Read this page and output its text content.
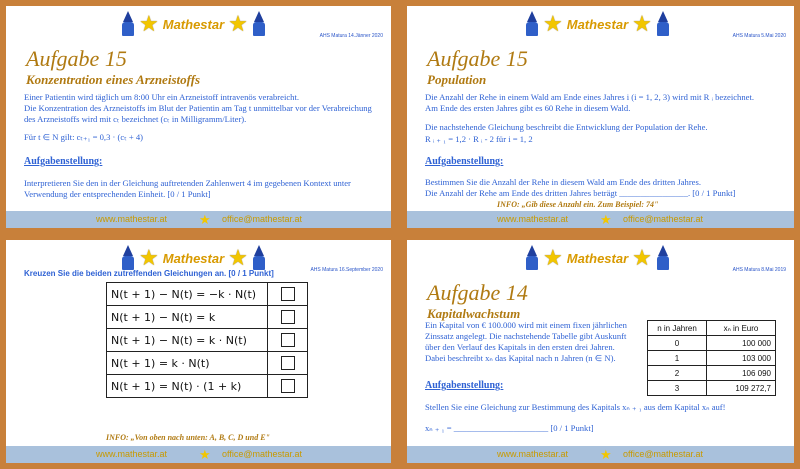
★ Mathestar ★	AHS Matura 14.Jänner 2020
Aufgabe 15
Konzentration eines Arzneistoffs
Einer Patientin wird täglich um 8:00 Uhr ein Arzneistoff intravenös verabreicht.
Die Konzentration des Arzneistoffs im Blut der Patientin am Tag t unmittelbar vor der Verabreichung des Arzneistoffs wird mit cₜ bezeichnet (cₜ in Milligramm/Liter).
Für t ∈ N gilt: cₜ₊₁ = 0,3 · (cₜ + 4)
Aufgabenstellung:
Interpretieren Sie den in der Gleichung auftretenden Zahlenwert 4 im gegebenen Kontext unter Verwendung der entsprechenden Einheit. [0 / 1 Punkt]
www.mathestar.at ★ office@mathestar.at
★ Mathestar ★	AHS Matura 5.Mai 2020
Aufgabe 15
Population
Die Anzahl der Rehe in einem Wald am Ende eines Jahres i (i = 1, 2, 3) wird mit R ᵢ bezeichnet.
Am Ende des ersten Jahres gibt es 60 Rehe in diesem Wald.
Die nachstehende Gleichung beschreibt die Entwicklung der Population der Rehe.
R ᵢ ₊ ₁ = 1,2 · R ᵢ - 2 für i = 1, 2
Aufgabenstellung:
Bestimmen Sie die Anzahl der Rehe in diesem Wald am Ende des dritten Jahres.
Die Anzahl der Rehe am Ende des dritten Jahres beträgt ________________. [0 / 1 Punkt]
INFO: „Gib diese Anzahl ein. Zum Beispiel: 74"
www.mathestar.at ★ office@mathestar.at
★ Mathestar ★	AHS Matura 16.September 2020
Kreuzen Sie die beiden zutreffenden Gleichungen an. [0 / 1 Punkt]
N(t + 1) − N(t) = −k · N(t)	
N(t + 1) − N(t) = k	
N(t + 1) − N(t) = k · N(t)	
N(t + 1) = k · N(t)	
N(t + 1) = N(t) · (1 + k)	
INFO: „Von oben nach unten: A, B, C, D und E"
www.mathestar.at ★ office@mathestar.at
★ Mathestar ★	AHS Matura 8.Mai 2019
Aufgabe 14
Kapitalwachstum
Ein Kapital von € 100.000 wird mit einem fixen jährlichen Zinssatz angelegt. Die nachstehende Tabelle gibt Auskunft über den Verlauf des Kapitals in den ersten drei Jahren. Dabei beschreibt xₙ das Kapital nach n Jahren (n ∈ N).
n in Jahren	xₙ in Euro
0	100 000
1	103 000
2	106 090
3	109 272,7
Aufgabenstellung:
Stellen Sie eine Gleichung zur Bestimmung des Kapitals xₙ ₊ ₁ aus dem Kapital xₙ auf!
xₙ ₊ ₁ = ______________________ [0 / 1 Punkt]
www.mathestar.at ★ office@mathestar.at
